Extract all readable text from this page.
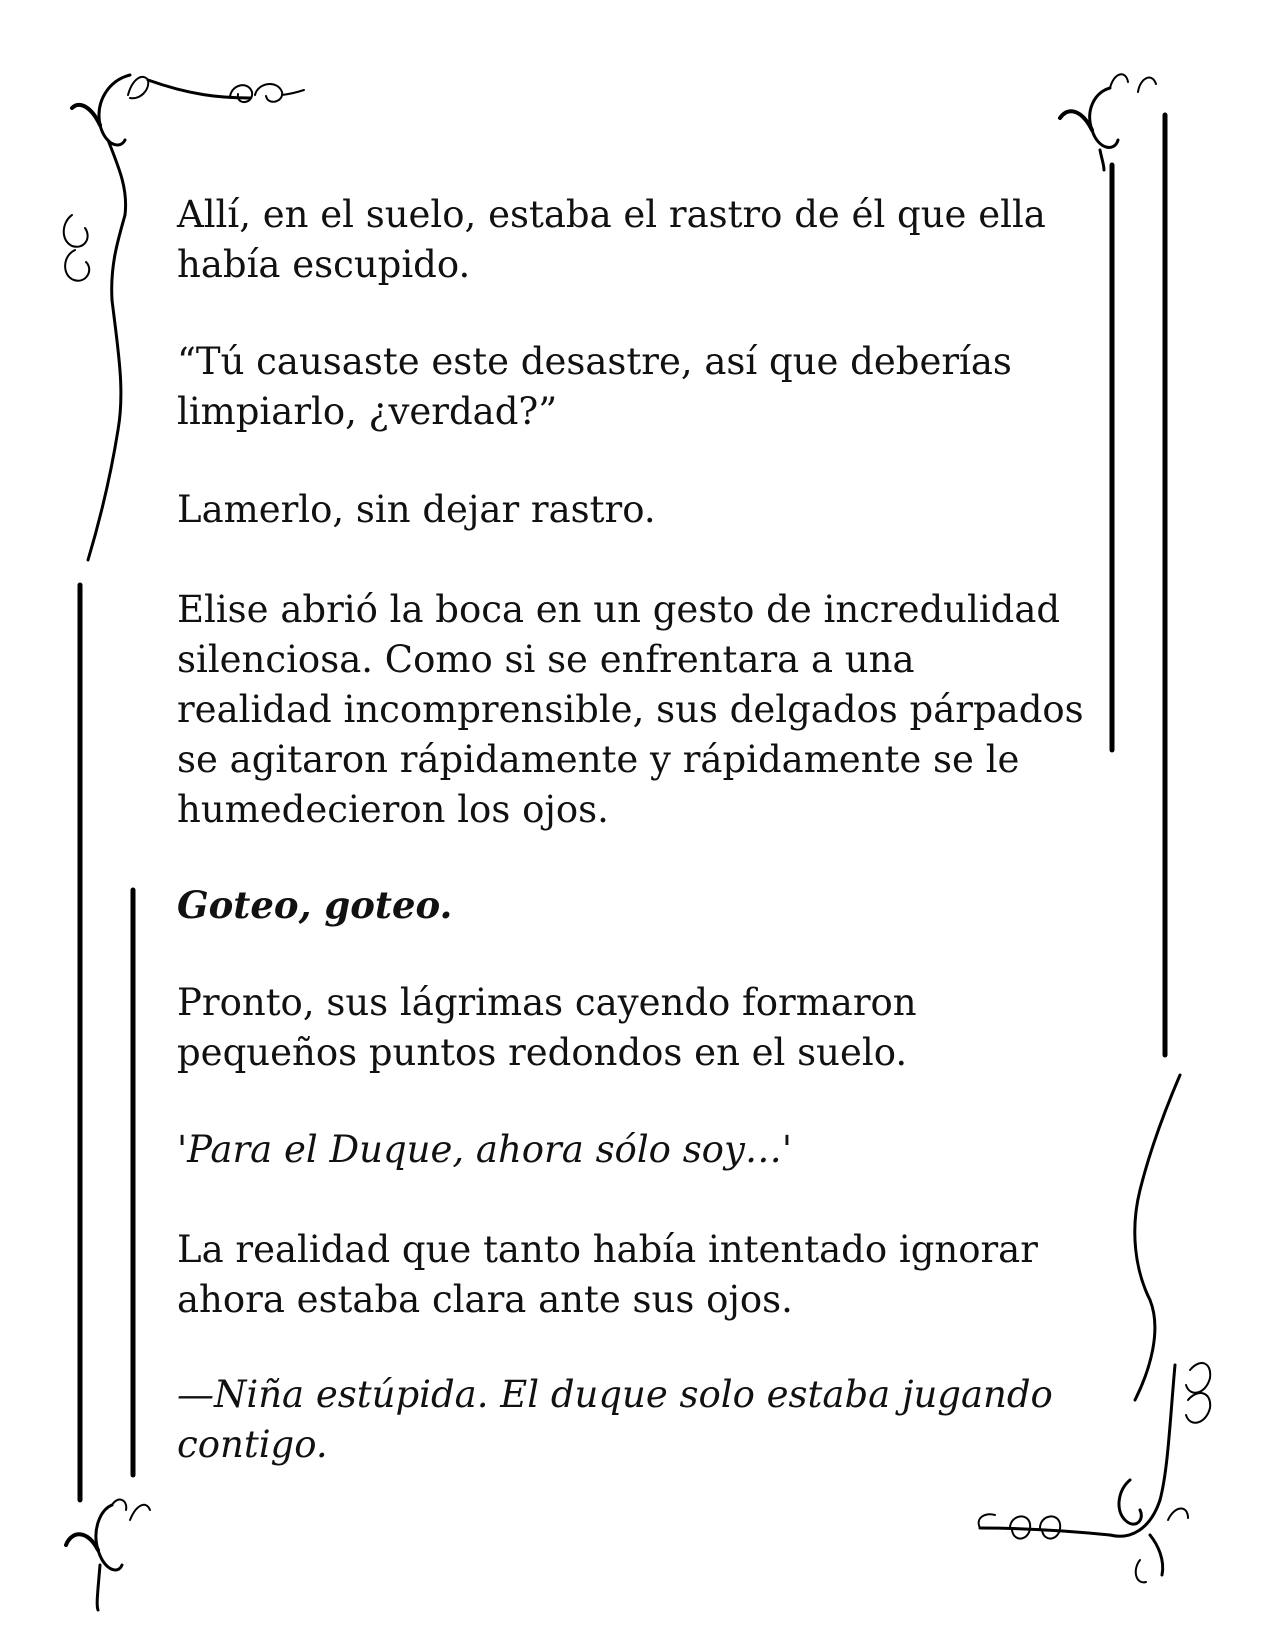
Allí, en el suelo, estaba el rastro de él que ella
había escupido.

“Tú causaste este desastre, así que deberías
limpiarlo, ¿verdad?”

Lamerlo, sin dejar rastro.

Elise abrió la boca en un gesto de incredulidad
silenciosa. Como si se enfrentara a una
realidad incomprensible, sus delgados párpados
se agitaron rápidamente y rápidamente se le
humedecieron los ojos.

Goteo, goteo.

Pronto, sus lágrimas cayendo formaron
pequeños puntos redondos en el suelo.

'Para el Duque, ahora sólo soy…'

La realidad que tanto había intentado ignorar
ahora estaba clara ante sus ojos.

—Niña estúpida. El duque solo estaba jugando
contigo.
